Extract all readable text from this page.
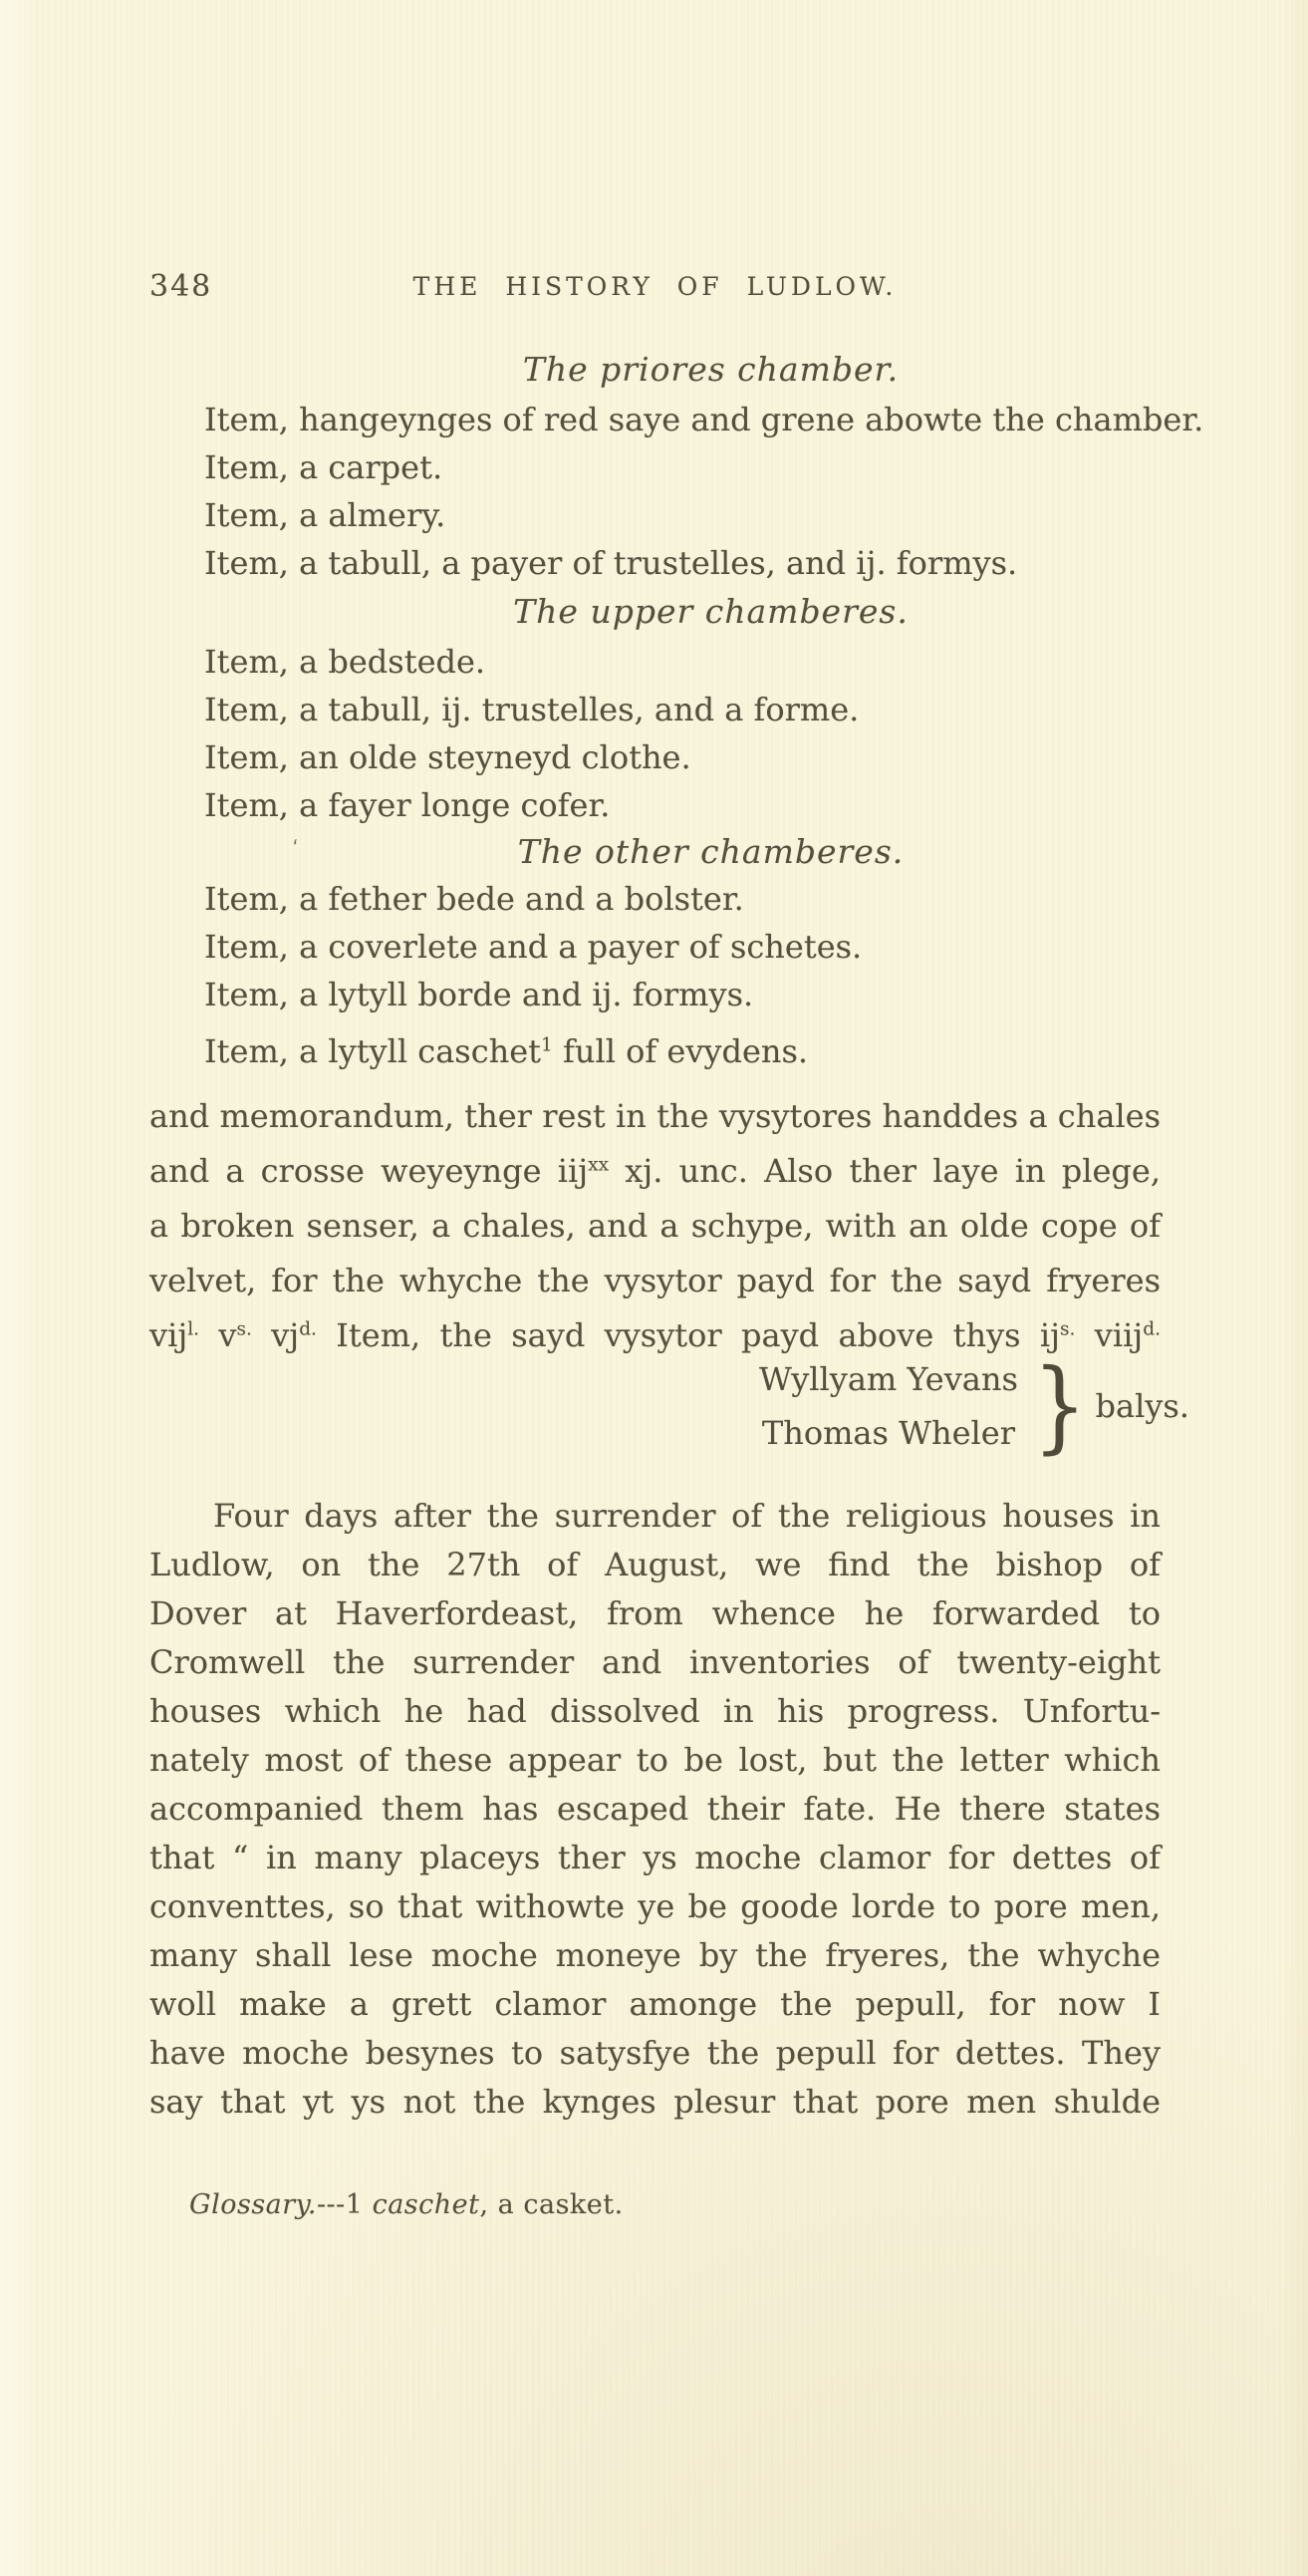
348	THE HISTORY OF LUDLOW.
The priores chamber.
Item, hangeynges of red saye and grene abowte the chamber.
Item, a carpet.
Item, a almery.
Item, a tabull, a payer of trustelles, and ij. formys.
The upper chamberes.
Item, a bedstede.
Item, a tabull, ij. trustelles, and a forme.
Item, an olde steyneyd clothe.
Item, a fayer longe cofer.
‘	The other chamberes.
Item, a fether bede and a bolster.
Item, a coverlete and a payer of schetes.
Item, a lytyll borde and ij. formys.
Item, a lytyll caschet$^1$ full of evydens.
and memorandum, ther rest in the vysytores handdes a chales
and a crosse weyeynge iij$^{xx}$ xj. unc. Also ther laye in plege,
a broken senser, a chales, and a schype, with an olde cope of
velvet, for the whyche the vysytor payd for the sayd fryeres
vij$^{l.}$ $v^{s.}$ $vj^{d.}$ Item, the sayd vysytor payd above thys $ij^{s.}$ viij$^{d.}$
Wyllyam Yevans
Thomas Wheler } balys.
Four days after the surrender of the religious houses in
Ludlow, on the 27th of August, we find the bishop of
Dover at Haverfordeast, from whence he forwarded to
Cromwell the surrender and inventories of twenty-eight
houses which he had dissolved in his progress. Unfortu-
nately most of these appear to be lost, but the letter which
accompanied them has escaped their fate. He there states
that “ in many placeys ther ys moche clamor for dettes of
conventtes, so that withowte ye be goode lorde to pore men,
many shall lese moche moneye by the fryeres, the whyche
woll make a grett clamor amonge the pepull, for now I
have moche besynes to satysfye the pepull for dettes. They
say that yt ys not the kynges plesur that pore men shulde
Glossary.---1 caschet, a casket.
